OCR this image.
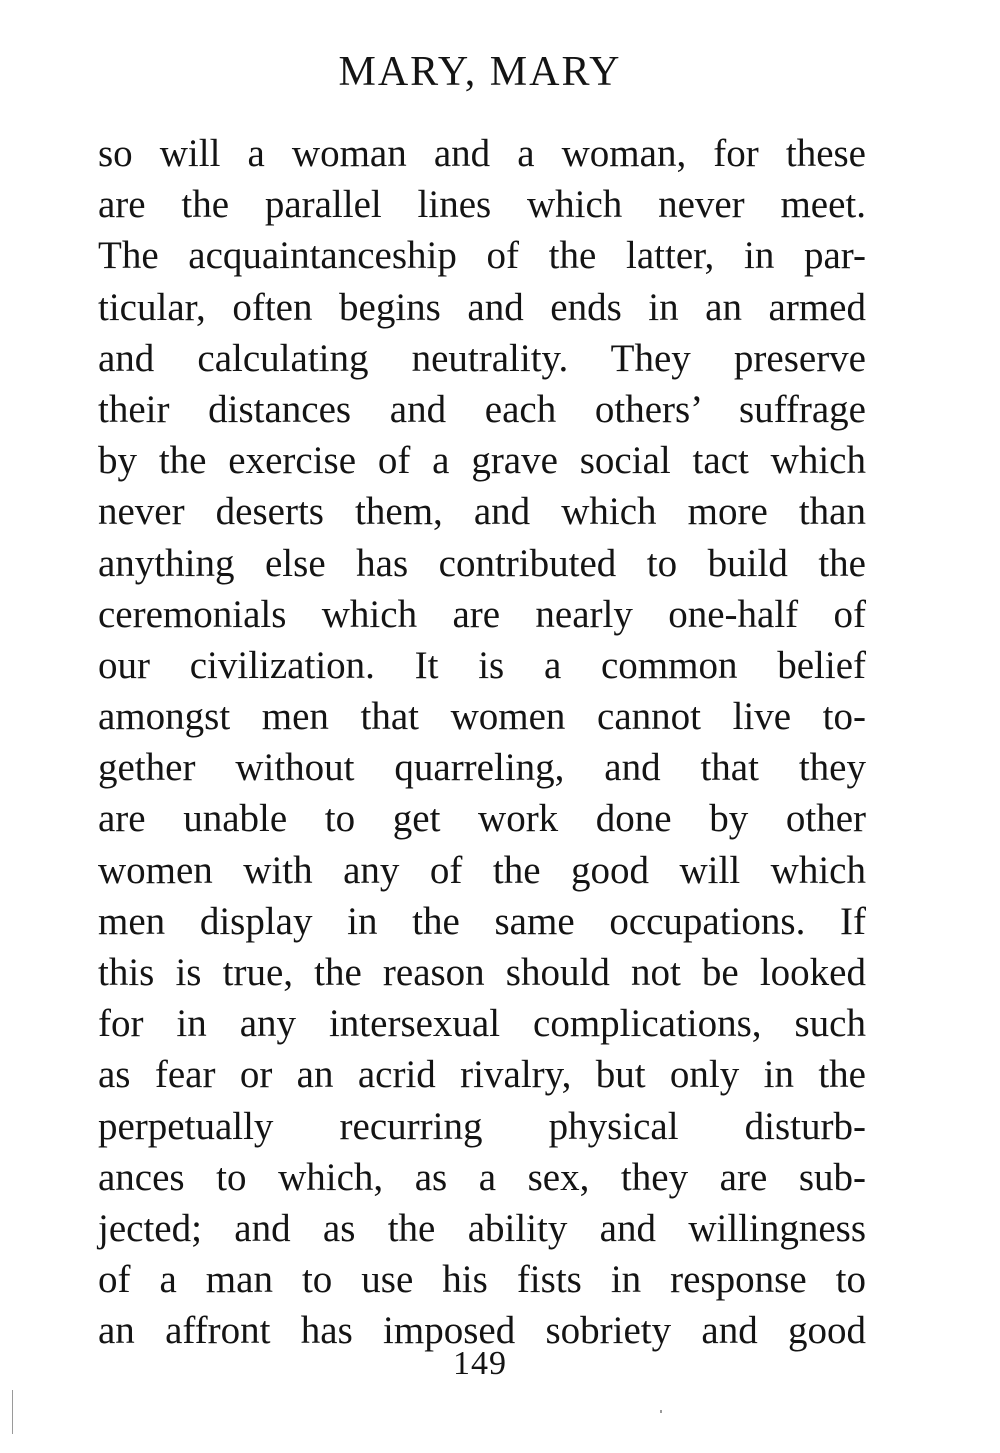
MARY, MARY
so will a woman and a woman, for these
are the parallel lines which never meet.
The acquaintanceship of the latter, in par-
ticular, often begins and ends in an armed
and calculating neutrality. They preserve
their distances and each others’ suffrage
by the exercise of a grave social tact which
never deserts them, and which more than
anything else has contributed to build the
ceremonials which are nearly one-half of
our civilization. It is a common belief
amongst men that women cannot live to-
gether without quarreling, and that they
are unable to get work done by other
women with any of the good will which
men display in the same occupations. If
this is true, the reason should not be looked
for in any intersexual complications, such
as fear or an acrid rivalry, but only in the
perpetually recurring physical disturb-
ances to which, as a sex, they are sub-
jected; and as the ability and willingness
of a man to use his fists in response to
an affront has imposed sobriety and good
149
